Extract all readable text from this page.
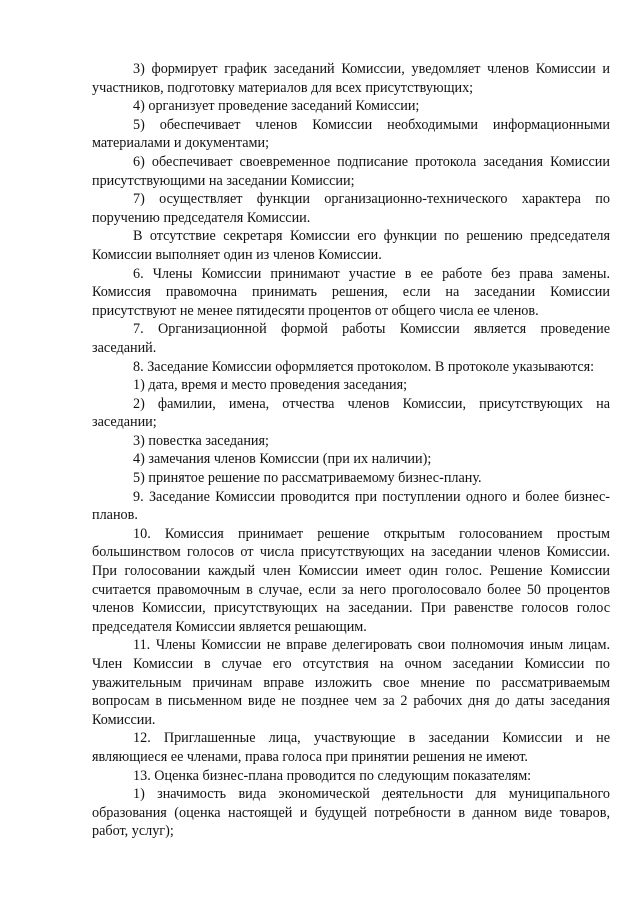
3) формирует график заседаний Комиссии, уведомляет членов Комиссии и участников, подготовку материалов для всех присутствующих;

4) организует проведение заседаний Комиссии;

5) обеспечивает членов Комиссии необходимыми информационными материалами и документами;

6) обеспечивает своевременное подписание протокола заседания Комиссии присутствующими на заседании Комиссии;

7) осуществляет функции организационно-технического характера по поручению председателя Комиссии.

В отсутствие секретаря Комиссии его функции по решению председателя Комиссии выполняет один из членов Комиссии.

6. Члены Комиссии принимают участие в ее работе без права замены. Комиссия правомочна принимать решения, если на заседании Комиссии присутствуют не менее пятидесяти процентов от общего числа ее членов.

7. Организационной формой работы Комиссии является проведение заседаний.

8. Заседание Комиссии оформляется протоколом. В протоколе указываются:

1) дата, время и место проведения заседания;

2) фамилии, имена, отчества членов Комиссии, присутствующих на заседании;

3) повестка заседания;

4) замечания членов Комиссии (при их наличии);

5) принятое решение по рассматриваемому бизнес-плану.

9. Заседание Комиссии проводится при поступлении одного и более бизнес-планов.

10. Комиссия принимает решение открытым голосованием простым большинством голосов от числа присутствующих на заседании членов Комиссии. При голосовании каждый член Комиссии имеет один голос. Решение Комиссии считается правомочным в случае, если за него проголосовало более 50 процентов членов Комиссии, присутствующих на заседании. При равенстве голосов голос председателя Комиссии является решающим.

11. Члены Комиссии не вправе делегировать свои полномочия иным лицам. Член Комиссии в случае его отсутствия на очном заседании Комиссии по уважительным причинам вправе изложить свое мнение по рассматриваемым вопросам в письменном виде не позднее чем за 2 рабочих дня до даты заседания Комиссии.

12. Приглашенные лица, участвующие в заседании Комиссии и не являющиеся ее членами, права голоса при принятии решения не имеют.

13. Оценка бизнес-плана проводится по следующим показателям:

1) значимость вида экономической деятельности для муниципального образования (оценка настоящей и будущей потребности в данном виде товаров, работ, услуг);
